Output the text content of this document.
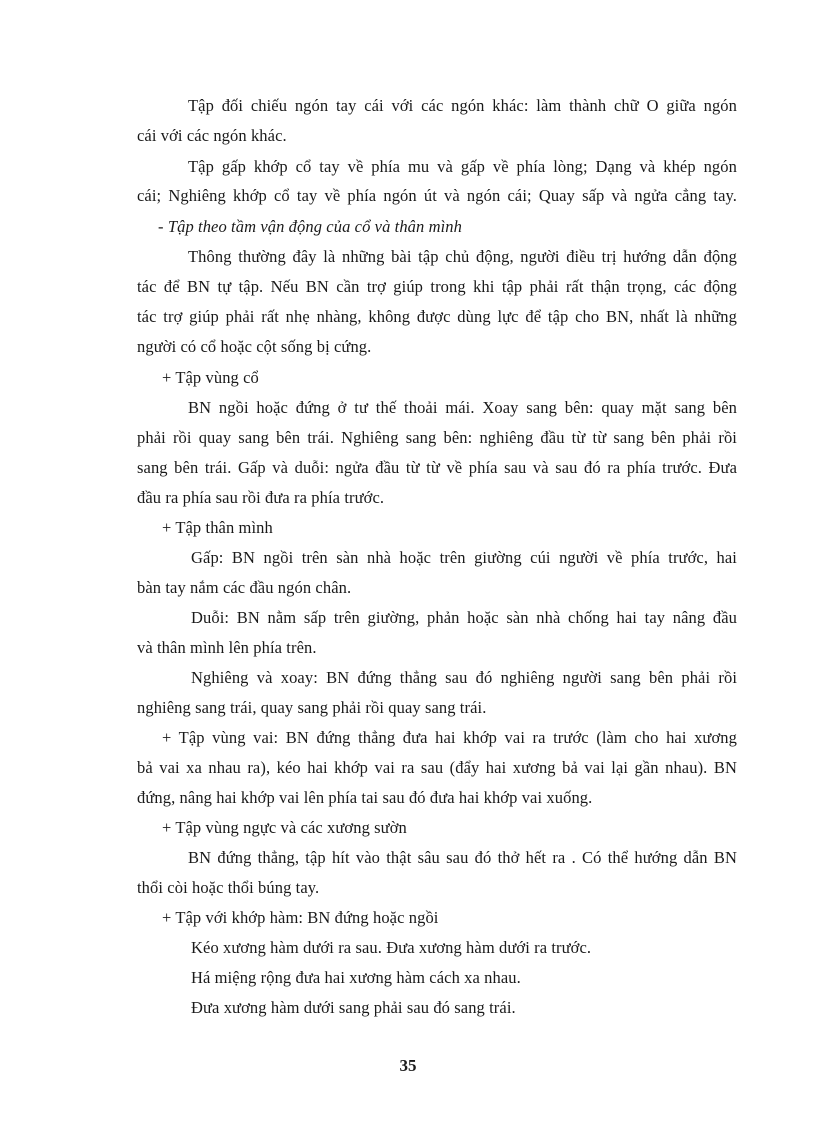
Tập đối chiếu ngón tay cái với các ngón khác: làm thành chữ O giữa ngón
cái với các ngón khác.
Tập gấp khớp cổ tay về phía mu và gấp về phía lòng; Dạng và khép ngón
cái; Nghiêng khớp cổ tay về phía ngón út và ngón cái; Quay sấp và ngửa cẳng tay.
- Tập theo tầm vận động của cổ và thân mình
Thông thường đây là những bài tập chủ động, người điều trị hướng dẫn động
tác để BN tự tập. Nếu BN cần trợ giúp trong khi tập phải rất thận trọng, các động
tác trợ giúp phải rất nhẹ nhàng, không được dùng lực để tập cho BN, nhất là những
người có cổ hoặc cột sống bị cứng.
+ Tập vùng cổ
BN ngồi hoặc đứng ở tư thế thoải mái. Xoay sang bên: quay mặt sang bên
phải rồi quay sang bên trái. Nghiêng sang bên: nghiêng đầu từ từ sang bên phải rồi
sang bên trái. Gấp và duỗi: ngửa đầu từ từ về phía sau và sau đó ra phía trước. Đưa
đầu ra phía sau rồi đưa ra phía trước.
+ Tập thân mình
Gấp: BN ngồi trên sàn nhà hoặc trên giường cúi người về phía trước, hai
bàn tay nắm các đầu ngón chân.
Duỗi: BN nằm sấp trên giường, phản hoặc sàn nhà chống hai tay nâng đầu
và thân mình lên phía trên.
Nghiêng và xoay: BN đứng thẳng sau đó nghiêng người sang bên phải rồi
nghiêng sang trái, quay sang phải rồi quay sang trái.
+ Tập vùng vai: BN đứng thẳng đưa hai khớp vai ra trước (làm cho hai xương
bả vai xa nhau ra), kéo hai khớp vai ra sau (đẩy hai xương bả vai lại gần nhau). BN
đứng, nâng hai khớp vai lên phía tai sau đó đưa hai khớp vai xuống.
+ Tập vùng ngực và các xương sườn
BN đứng thẳng, tập hít vào thật sâu sau đó thở hết ra . Có thể hướng dẫn BN
thổi còi hoặc thổi búng tay.
+ Tập với khớp hàm: BN đứng hoặc ngồi
Kéo xương hàm dưới ra sau. Đưa xương hàm dưới ra trước.
Há miệng rộng đưa hai xương hàm cách xa nhau.
Đưa xương hàm dưới sang phải sau đó sang trái.
35
